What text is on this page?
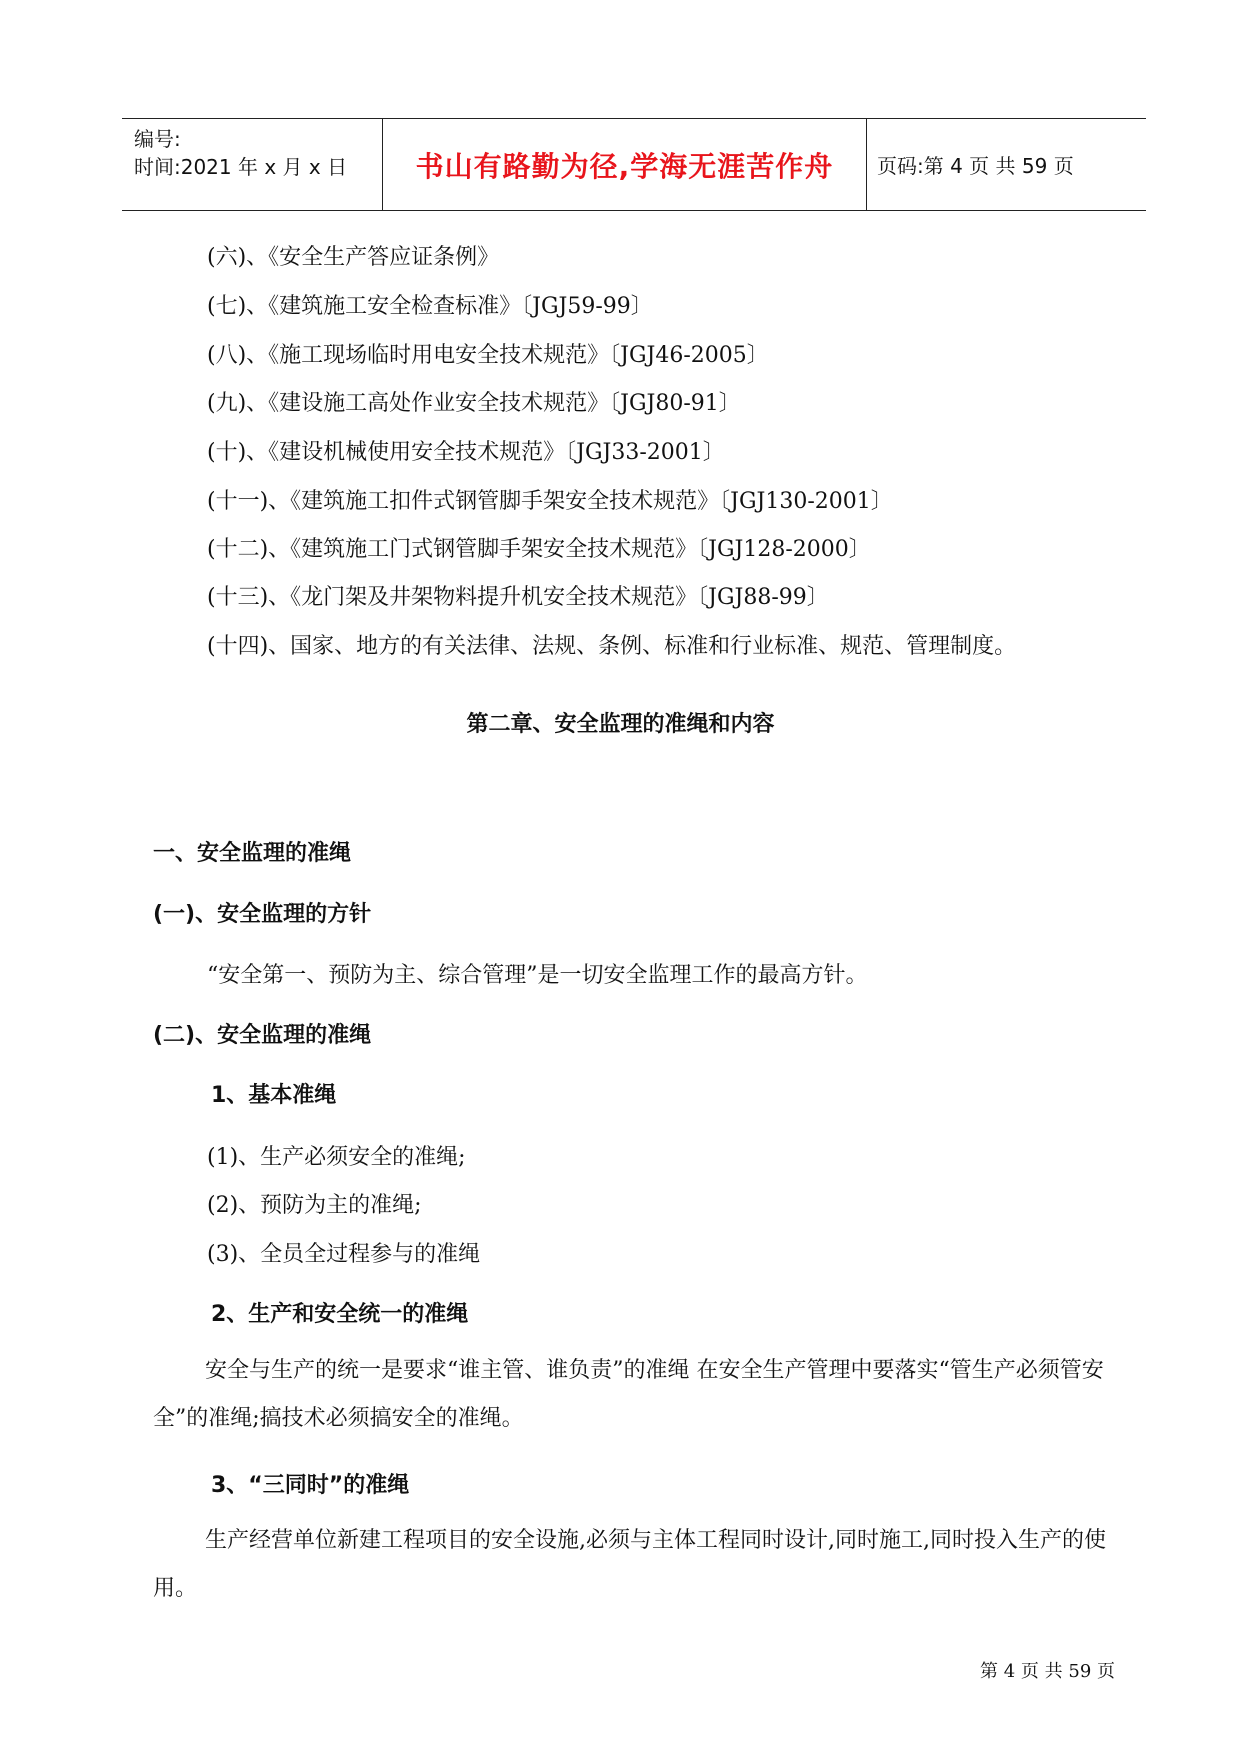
编号:
时间:2021 年 x 月 x 日 书山有路勤为径,学海无涯苦作舟 页码:第 4 页 共 59 页
(六)、《安全生产答应证条例》
(七)、《建筑施工安全检查标准》〔JGJ59-99〕
(八)、《施工现场临时用电安全技术规范》〔JGJ46-2005〕
(九)、《建设施工高处作业安全技术规范》〔JGJ80-91〕
(十)、《建设机械使用安全技术规范》〔JGJ33-2001〕
(十一)、《建筑施工扣件式钢管脚手架安全技术规范》〔JGJ130-2001〕
(十二)、《建筑施工门式钢管脚手架安全技术规范》〔JGJ128-2000〕
(十三)、《龙门架及井架物料提升机安全技术规范》〔JGJ88-99〕
(十四)、国家、地方的有关法律、法规、条例、标准和行业标准、规范、管理制度。
第二章、安全监理的准绳和内容
一、安全监理的准绳
(一)、安全监理的方针
“安全第一、预防为主、综合管理”是一切安全监理工作的最高方针。
(二)、安全监理的准绳
1、基本准绳
(1)、生产必须安全的准绳;
(2)、预防为主的准绳;
(3)、全员全过程参与的准绳
2、生产和安全统一的准绳
安全与生产的统一是要求“谁主管、谁负责”的准绳 在安全生产管理中要落实“管生产必须管安全”的准绳;搞技术必须搞安全的准绳。
3、“三同时”的准绳
生产经营单位新建工程项目的安全设施,必须与主体工程同时设计,同时施工,同时投入生产的使用。
第 4 页 共 59 页
